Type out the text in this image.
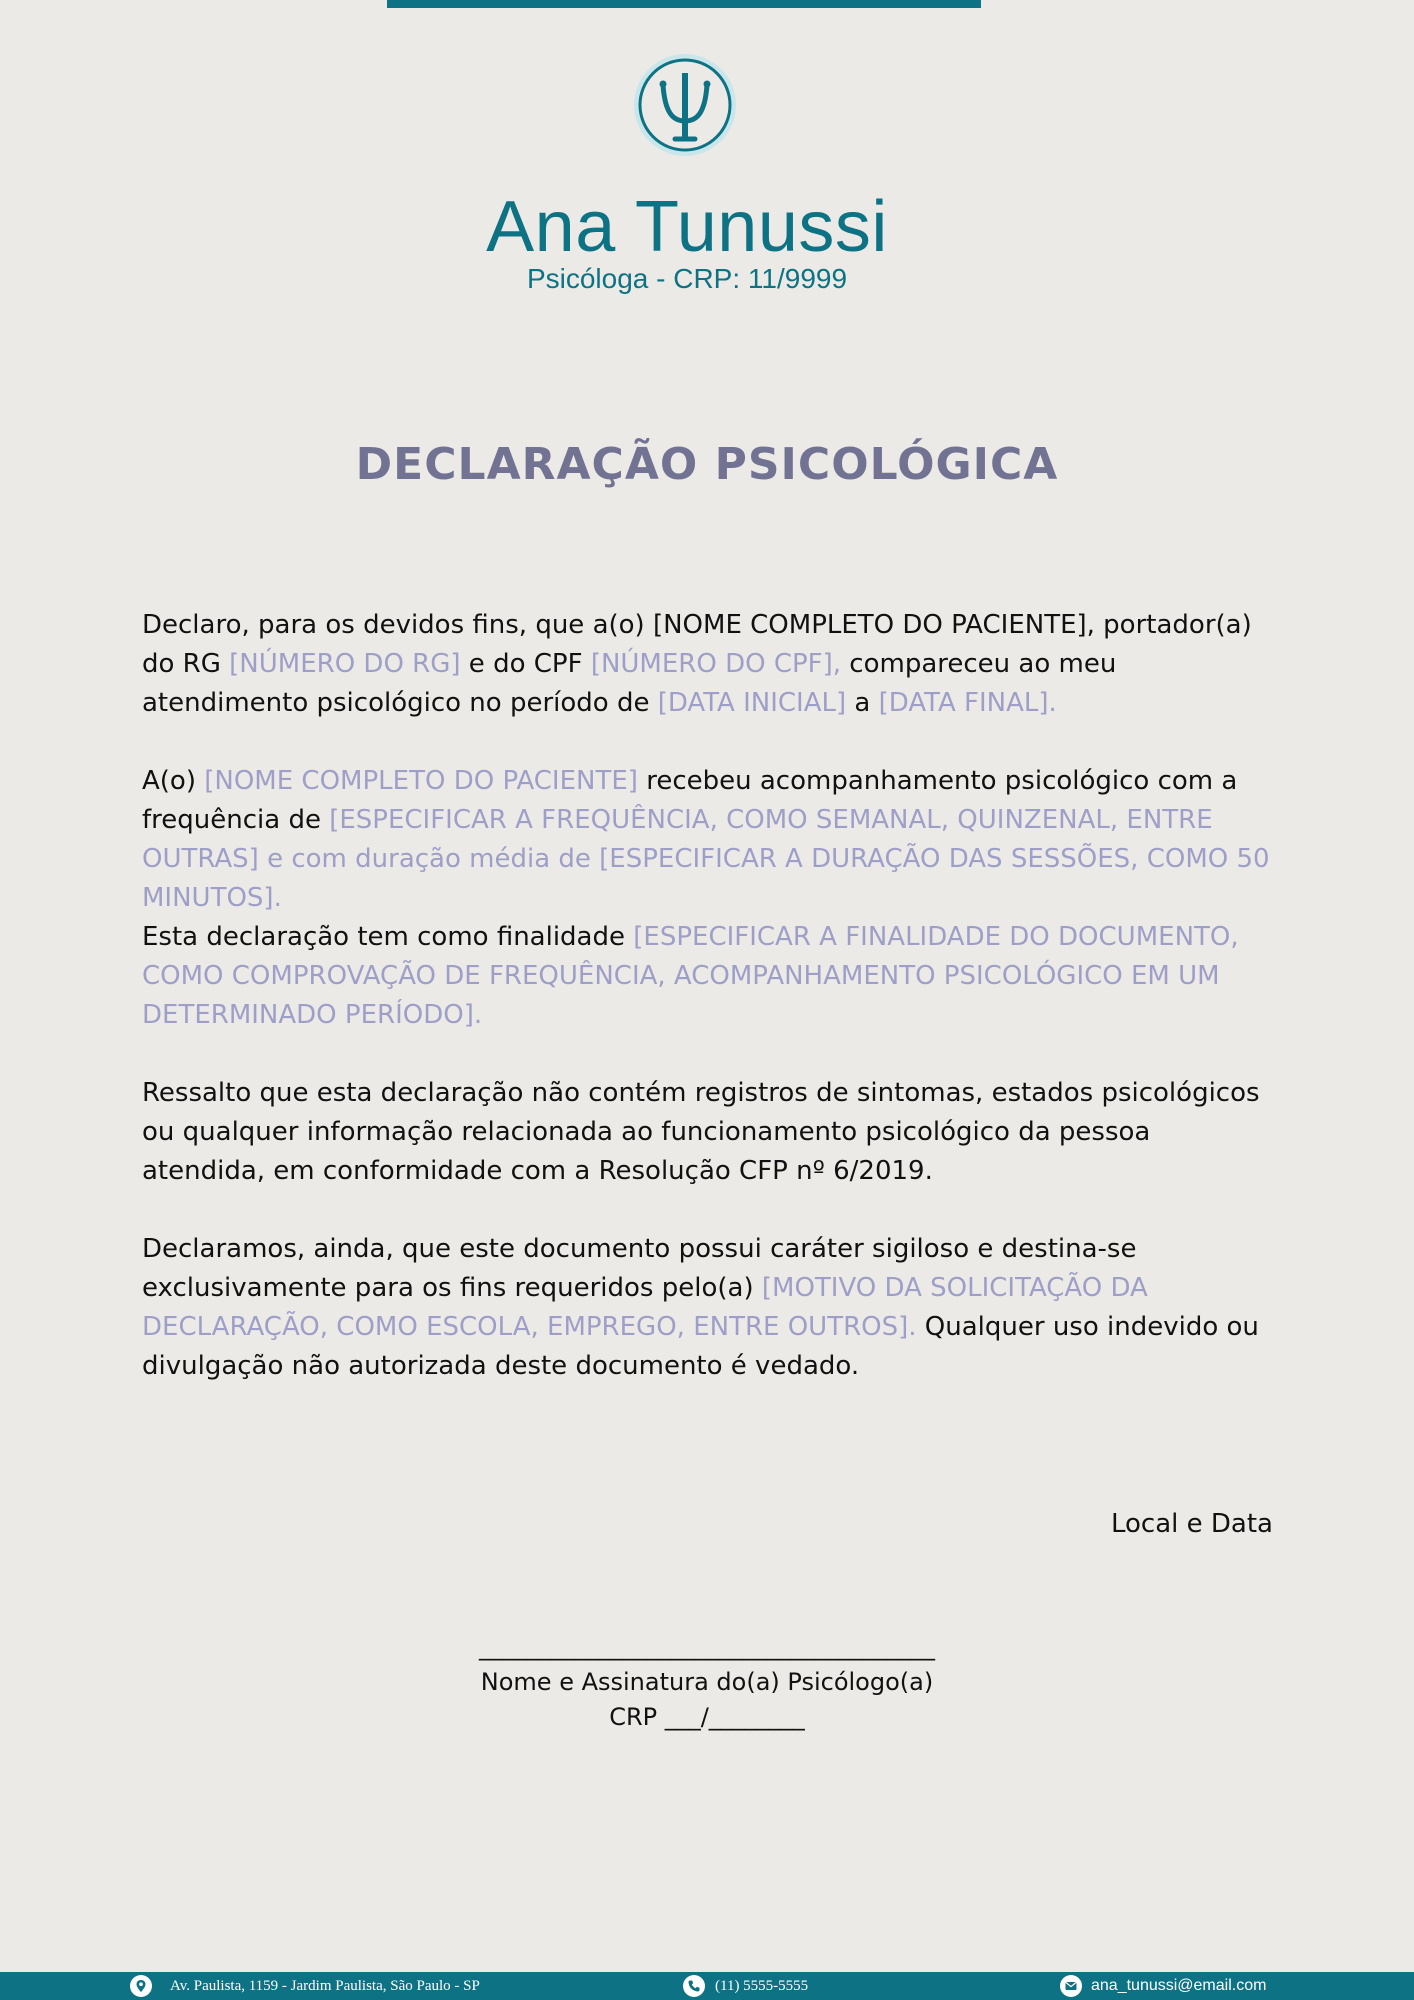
Ana Tunussi
Psicóloga - CRP: 11/9999
DECLARAÇÃO PSICOLÓGICA

Declaro, para os devidos fins, que a(o) [NOME COMPLETO DO PACIENTE], portador(a) do RG [NÚMERO DO RG] e do CPF [NÚMERO DO CPF], compareceu ao meu atendimento psicológico no período de [DATA INICIAL] a [DATA FINAL].

A(o) [NOME COMPLETO DO PACIENTE] recebeu acompanhamento psicológico com a frequência de [ESPECIFICAR A FREQUÊNCIA, COMO SEMANAL, QUINZENAL, ENTRE OUTRAS] e com duração média de [ESPECIFICAR A DURAÇÃO DAS SESSÕES, COMO 50 MINUTOS].

Esta declaração tem como finalidade [ESPECIFICAR A FINALIDADE DO DOCUMENTO, COMO COMPROVAÇÃO DE FREQUÊNCIA, ACOMPANHAMENTO PSICOLÓGICO EM UM DETERMINADO PERÍODO].

Ressalto que esta declaração não contém registros de sintomas, estados psicológicos ou qualquer informação relacionada ao funcionamento psicológico da pessoa atendida, em conformidade com a Resolução CFP nº 6/2019.

Declaramos, ainda, que este documento possui caráter sigiloso e destina-se exclusivamente para os fins requeridos pelo(a) [MOTIVO DA SOLICITAÇÃO DA DECLARAÇÃO, COMO ESCOLA, EMPREGO, ENTRE OUTROS]. Qualquer uso indevido ou divulgação não autorizada deste documento é vedado.

Local e Data
______________________________________
Nome e Assinatura do(a) Psicólogo(a)
CRP ___/________
Av. Paulista, 1159 - Jardim Paulista, São Paulo - SP	(11) 5555-5555	ana_tunussi@email.com
